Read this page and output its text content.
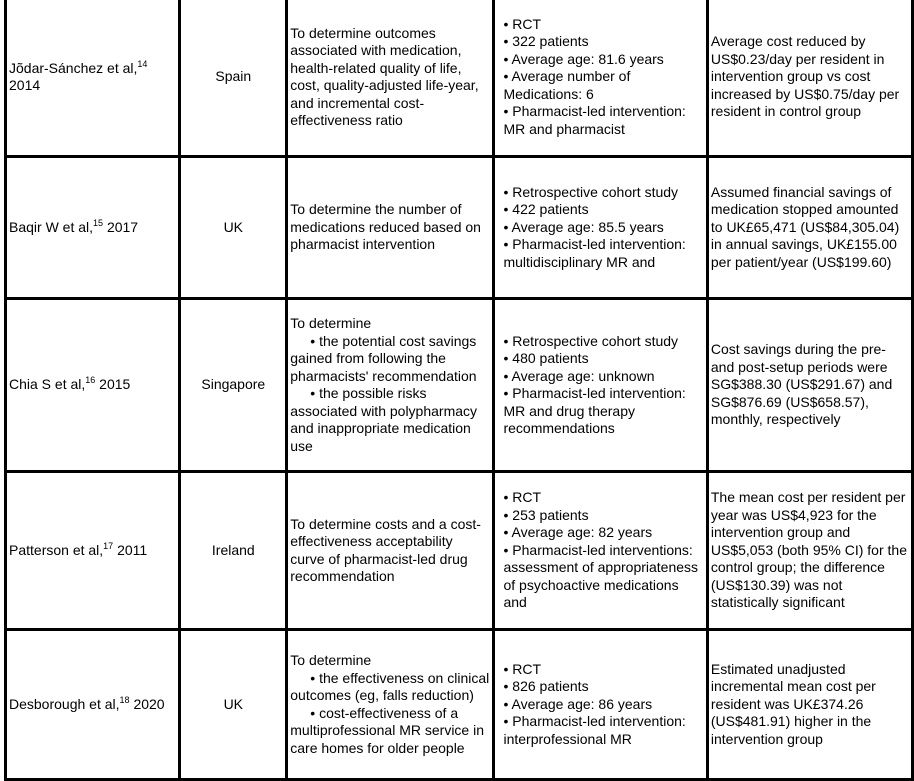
Jõdar-Sánchez et al,$^{14}$
2014	Spain	To determine outcomes associated with medication, health-related quality of life, cost, quality-adjusted life-year, and incremental cost-effectiveness ratio	• RCT
• 322 patients
• Average age: 81.6 years
• Average number of Medications: 6
• Pharmacist-led intervention: MR and pharmacist	Average cost reduced by US$0.23/day per resident in intervention group vs cost increased by US$0.75/day per resident in control group
Baqir W et al,$^{15}$ 2017	UK	To determine the number of medications reduced based on pharmacist intervention	• Retrospective cohort study
• 422 patients
• Average age: 85.5 years
• Pharmacist-led intervention: multidisciplinary MR and	Assumed financial savings of medication stopped amounted to UK£65,471 (US$84,305.04) in annual savings, UK£155.00 per patient/year (US$199.60)
Chia S et al,$^{16}$ 2015	Singapore	To determine
• the potential cost savings gained from following the pharmacists' recommendation
• the possible risks associated with polypharmacy and inappropriate medication use	• Retrospective cohort study
• 480 patients
• Average age: unknown
• Pharmacist-led intervention: MR and drug therapy recommendations	Cost savings during the pre- and post-setup periods were SG$388.30 (US$291.67) and SG$876.69 (US$658.57), monthly, respectively
Patterson et al,$^{17}$ 2011	Ireland	To determine costs and a cost-effectiveness acceptability curve of pharmacist-led drug recommendation	• RCT
• 253 patients
• Average age: 82 years
• Pharmacist-led interventions: assessment of appropriateness of psychoactive medications and	The mean cost per resident per year was US$4,923 for the intervention group and US$5,053 (both 95% CI) for the control group; the difference (US$130.39) was not statistically significant
Desborough et al,$^{18}$ 2020	UK	To determine
• the effectiveness on clinical outcomes (eg, falls reduction)
• cost-effectiveness of a multiprofessional MR service in care homes for older people	• RCT
• 826 patients
• Average age: 86 years
• Pharmacist-led intervention: interprofessional MR	Estimated unadjusted incremental mean cost per resident was UK£374.26 (US$481.91) higher in the intervention group
